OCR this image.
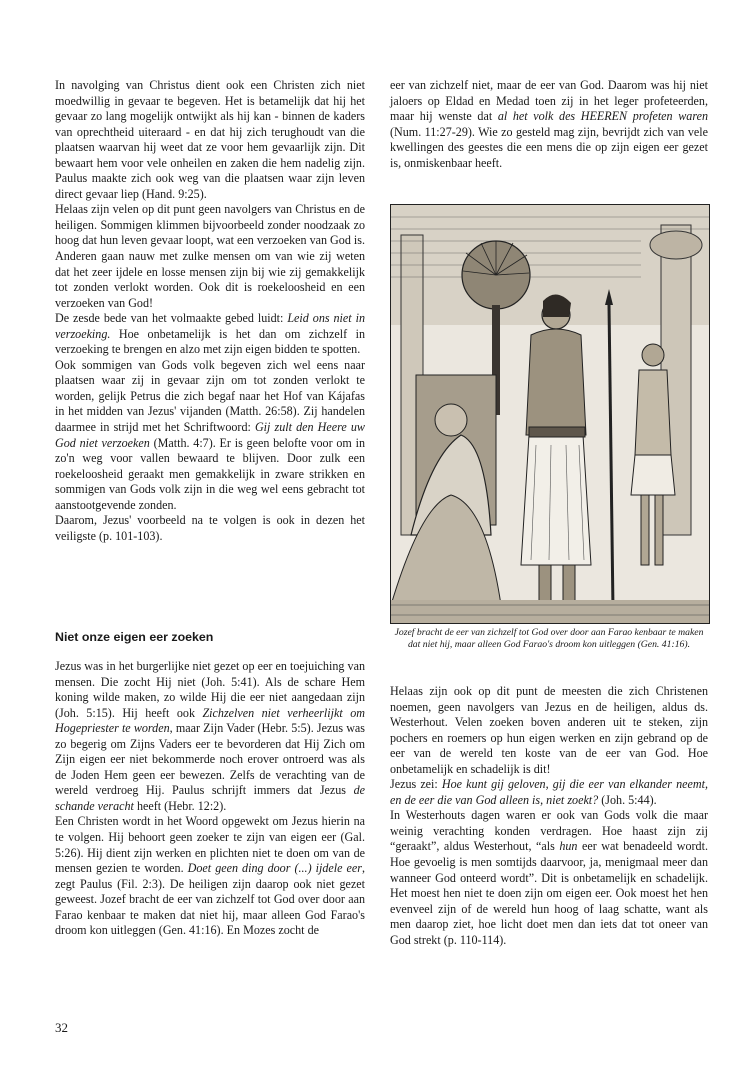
In navolging van Christus dient ook een Christen zich niet moedwillig in gevaar te begeven. Het is betamelijk dat hij het gevaar zo lang mogelijk ontwijkt als hij kan - binnen de kaders van oprechtheid uiteraard - en dat hij zich terughoudt van die plaatsen waarvan hij weet dat ze voor hem gevaarlijk zijn. Dit bewaart hem voor vele onheilen en zaken die hem nadelig zijn. Paulus maakte zich ook weg van die plaatsen waar zijn leven direct gevaar liep (Hand. 9:25).

Helaas zijn velen op dit punt geen navolgers van Christus en de heiligen. Sommigen klimmen bijvoorbeeld zonder noodzaak zo hoog dat hun leven gevaar loopt, wat een verzoeken van God is. Anderen gaan nauw met zulke mensen om van wie zij weten dat het zeer ijdele en losse mensen zijn bij wie zij gemakkelijk tot zonden verlokt worden. Ook dit is roekeloosheid en een verzoeken van God!

De zesde bede van het volmaakte gebed luidt: Leid ons niet in verzoeking. Hoe onbetamelijk is het dan om zichzelf in verzoeking te brengen en alzo met zijn eigen bidden te spotten.

Ook sommigen van Gods volk begeven zich wel eens naar plaatsen waar zij in gevaar zijn om tot zonden verlokt te worden, gelijk Petrus die zich begaf naar het Hof van Kájafas in het midden van Jezus' vijanden (Matth. 26:58). Zij handelen daarmee in strijd met het Schriftwoord: Gij zult den Heere uw God niet verzoeken (Matth. 4:7). Er is geen belofte voor om in zo'n weg voor vallen bewaard te blijven. Door zulk een roekeloosheid geraakt men gemakkelijk in zware strikken en sommigen van Gods volk zijn in die weg wel eens gebracht tot aanstootgevende zonden.

Daarom, Jezus' voorbeeld na te volgen is ook in dezen het veiligste (p. 101-103).

Niet onze eigen eer zoeken

Jezus was in het burgerlijke niet gezet op eer en toejuiching van mensen. Die zocht Hij niet (Joh. 5:41). Als de schare Hem koning wilde maken, zo wilde Hij die eer niet aangedaan zijn (Joh. 5:15). Hij heeft ook Zichzelven niet verheerlijkt om Hogepriester te worden, maar Zijn Vader (Hebr. 5:5). Jezus was zo begerig om Zijns Vaders eer te bevorderen dat Hij Zich om Zijn eigen eer niet bekommerde noch erover ontroerd was als de Joden Hem geen eer bewezen. Zelfs de verachting van de wereld verdroeg Hij. Paulus schrijft immers dat Jezus de schande veracht heeft (Hebr. 12:2).

Een Christen wordt in het Woord opgewekt om Jezus hierin na te volgen. Hij behoort geen zoeker te zijn van eigen eer (Gal. 5:26). Hij dient zijn werken en plichten niet te doen om van de mensen gezien te worden. Doet geen ding door (...) ijdele eer, zegt Paulus (Fil. 2:3). De heiligen zijn daarop ook niet gezet geweest. Jozef bracht de eer van zichzelf tot God over door aan Farao kenbaar te maken dat niet hij, maar alleen God Farao's droom kon uitleggen (Gen. 41:16). En Mozes zocht de

eer van zichzelf niet, maar de eer van God. Daarom was hij niet jaloers op Eldad en Medad toen zij in het leger profeteerden, maar hij wenste dat al het volk des HEEREN profeten waren (Num. 11:27-29). Wie zo gesteld mag zijn, bevrijdt zich van vele kwellingen des geestes die een mens die op zijn eigen eer gezet is, onmiskenbaar heeft.

Jozef bracht de eer van zichzelf tot God over door aan Farao kenbaar te maken dat niet hij, maar alleen God Farao's droom kon uitleggen (Gen. 41:16).

Helaas zijn ook op dit punt de meesten die zich Christenen noemen, geen navolgers van Jezus en de heiligen, aldus ds. Westerhout. Velen zoeken boven anderen uit te steken, zijn pochers en roemers op hun eigen werken en zijn gebrand op de eer van de wereld ten koste van de eer van God. Hoe onbetamelijk en schadelijk is dit!

Jezus zei: Hoe kunt gij geloven, gij die eer van elkander neemt, en de eer die van God alleen is, niet zoekt? (Joh. 5:44).

In Westerhouts dagen waren er ook van Gods volk die maar weinig verachting konden verdragen. Hoe haast zijn zij “geraakt”, aldus Westerhout, “als hun eer wat benadeeld wordt. Hoe gevoelig is men somtijds daarvoor, ja, menigmaal meer dan wanneer God onteerd wordt”. Dit is onbetamelijk en schadelijk. Het moest hen niet te doen zijn om eigen eer. Ook moest het hen evenveel zijn of de wereld hun hoog of laag schatte, want als men daarop ziet, hoe licht doet men dan iets dat tot oneer van God strekt (p. 110-114).

32
